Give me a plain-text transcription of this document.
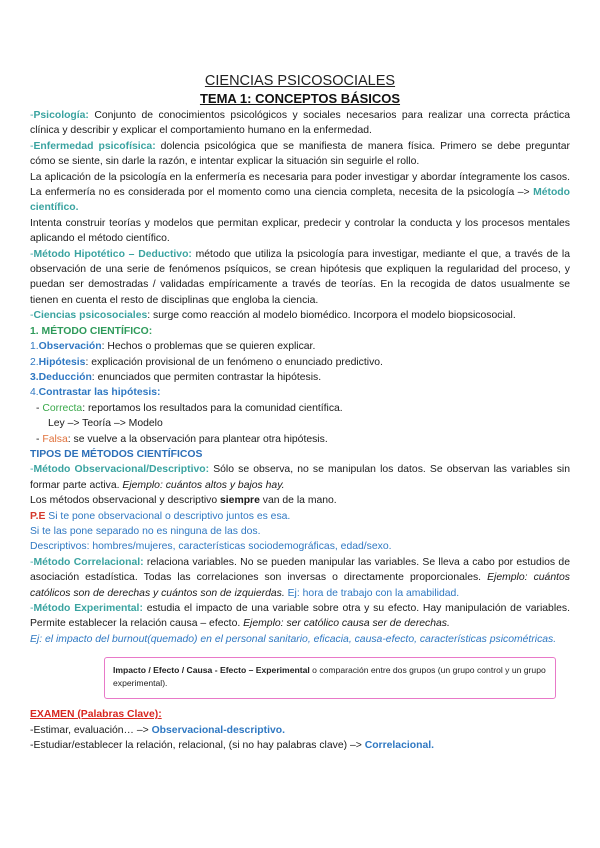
CIENCIAS PSICOSOCIALES
TEMA 1: CONCEPTOS BÁSICOS
-Psicología: Conjunto de conocimientos psicológicos y sociales necesarios para realizar una correcta práctica clínica y describir y explicar el comportamiento humano en la enfermedad.
-Enfermedad psicofísica: dolencia psicológica que se manifiesta de manera física. Primero se debe preguntar cómo se siente, sin darle la razón, e intentar explicar la situación sin seguirle el rollo.
La aplicación de la psicología en la enfermería es necesaria para poder investigar y abordar íntegramente los casos. La enfermería no es considerada por el momento como una ciencia completa, necesita de la psicología –> Método científico.
Intenta construir teorías y modelos que permitan explicar, predecir y controlar la conducta y los procesos mentales aplicando el método científico.
-Método Hipotético – Deductivo: método que utiliza la psicología para investigar, mediante el que, a través de la observación de una serie de fenómenos psíquicos, se crean hipótesis que expliquen la regularidad del proceso, y puedan ser demostradas / validadas empíricamente a través de teorías. En la recogida de datos usualmente se tienen en cuenta el resto de disciplinas que engloba la ciencia.
-Ciencias psicosociales: surge como reacción al modelo biomédico. Incorpora el modelo biopsicosocial.
1. MÉTODO CIENTÍFICO:
1.Observación: Hechos o problemas que se quieren explicar.
2.Hipótesis: explicación provisional de un fenómeno o enunciado predictivo.
3.Deducción: enunciados que permiten contrastar la hipótesis.
4.Contrastar las hipótesis:
- Correcta: reportamos los resultados para la comunidad científica.
Ley –> Teoría –> Modelo
- Falsa: se vuelve a la observación para plantear otra hipótesis.
TIPOS DE MÉTODOS CIENTÍFICOS
-Método Observacional/Descriptivo: Sólo se observa, no se manipulan los datos. Se observan las variables sin formar parte activa. Ejemplo: cuántos altos y bajos hay.
Los métodos observacional y descriptivo siempre van de la mano.
P.E Si te pone observacional o descriptivo juntos es esa.
Si te las pone separado no es ninguna de las dos.
Descriptivos: hombres/mujeres, características sociodemográficas, edad/sexo.
-Método Correlacional: relaciona variables. No se pueden manipular las variables. Se lleva a cabo por estudios de asociación estadística. Todas las correlaciones son inversas o directamente proporcionales. Ejemplo: cuántos católicos son de derechas y cuántos son de izquierdas. Ej: hora de trabajo con la amabilidad.
-Método Experimental: estudia el impacto de una variable sobre otra y su efecto. Hay manipulación de variables. Permite establecer la relación causa – efecto. Ejemplo: ser católico causa ser de derechas.
Ej: el impacto del burnout(quemado) en el personal sanitario, eficacia, causa-efecto, características psicométricas.
Impacto / Efecto / Causa - Efecto – Experimental o comparación entre dos grupos (un grupo control y un grupo experimental).
EXAMEN (Palabras Clave):
-Estimar, evaluación… –> Observacional-descriptivo.
-Estudiar/establecer la relación, relacional, (si no hay palabras clave) –> Correlacional.
